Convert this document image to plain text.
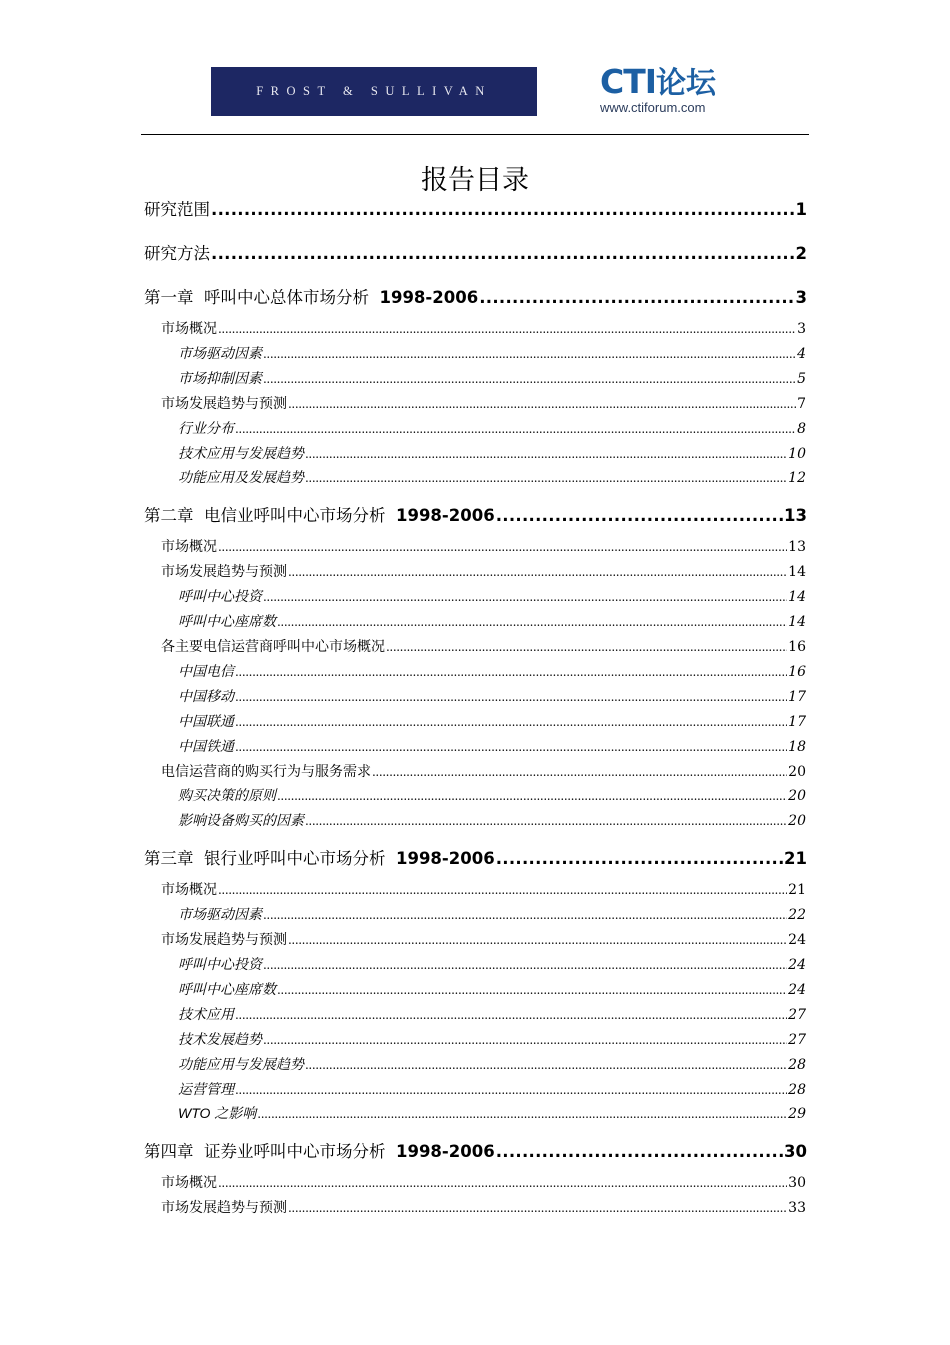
FROST & SULLIVAN	CTI论坛
www.ctiforum.com
报告目录
研究范围 .....	1
研究方法 .....	2
第一章  呼叫中心总体市场分析  1998-2006 .....	3
市场概况 .....	3
市场驱动因素 .....	4
市场抑制因素 .....	5
市场发展趋势与预测 .....	7
行业分布 .....	8
技术应用与发展趋势 .....	10
功能应用及发展趋势 .....	12
第二章  电信业呼叫中心市场分析  1998-2006 .....	13
市场概况 .....	13
市场发展趋势与预测 .....	14
呼叫中心投资 .....	14
呼叫中心座席数 .....	14
各主要电信运营商呼叫中心市场概况 .....	16
中国电信 .....	16
中国移动 .....	17
中国联通 .....	17
中国铁通 .....	18
电信运营商的购买行为与服务需求 .....	20
购买决策的原则 .....	20
影响设备购买的因素 .....	20
第三章  银行业呼叫中心市场分析  1998-2006 .....	21
市场概况 .....	21
市场驱动因素 .....	22
市场发展趋势与预测 .....	24
呼叫中心投资 .....	24
呼叫中心座席数 .....	24
技术应用 .....	27
技术发展趋势 .....	27
功能应用与发展趋势 .....	28
运营管理 .....	28
WTO 之影响 .....	29
第四章  证券业呼叫中心市场分析  1998-2006 .....	30
市场概况 .....	30
市场发展趋势与预测 .....	33
